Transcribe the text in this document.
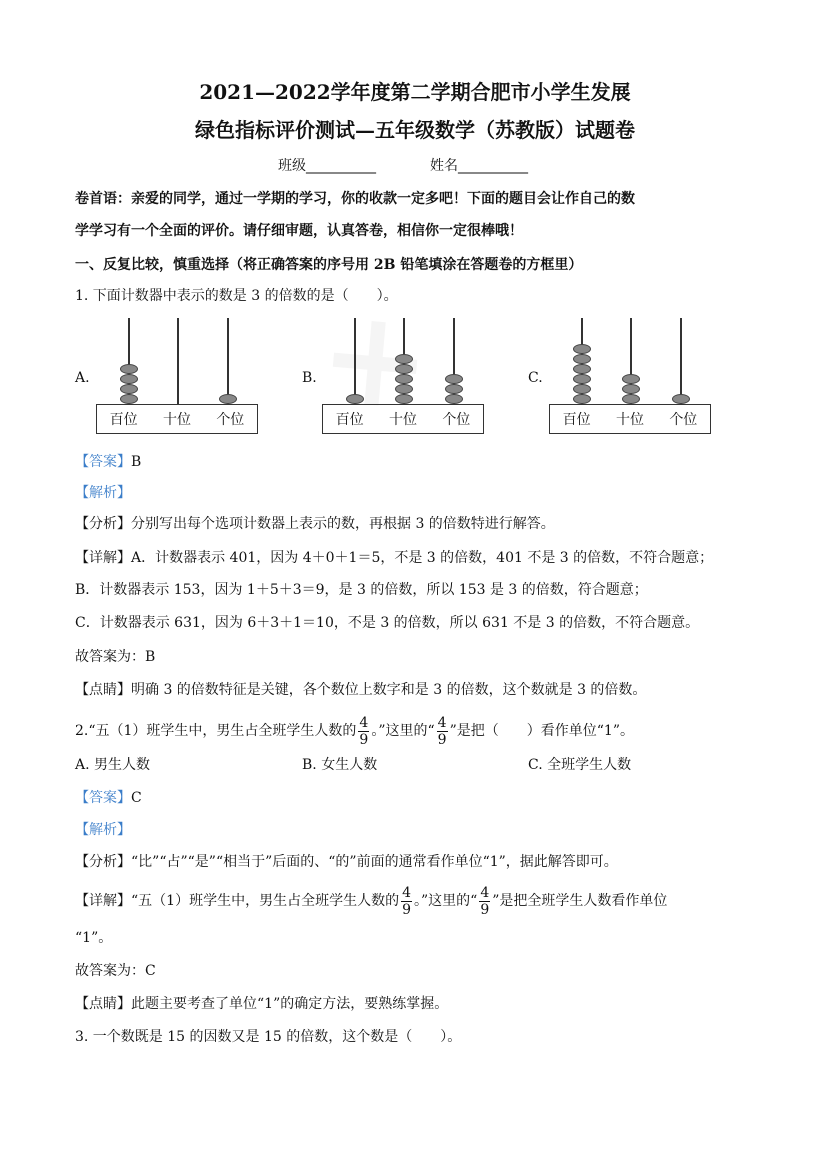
2021—2022学年度第二学期合肥市小学生发展
绿色指标评价测试—五年级数学（苏教版）试题卷
班级__________	姓名__________
卷首语：亲爱的同学，通过一学期的学习，你的收款一定多吧！下面的题目会让作自己的数
学学习有一个全面的评价。请仔细审题，认真答卷，相信你一定很棒哦！
一、反复比较，慎重选择（将正确答案的序号用 2B 铅笔填涂在答题卷的方框里）
1. 下面计数器中表示的数是 3 的倍数的是（　　）。
A.	B.	C.
百位 十位 个位	百位 十位 个位	百位 十位 个位
【答案】B
【解析】
【分析】分别写出每个选项计数器上表示的数，再根据 3 的倍数特进行解答。
【详解】A．计数器表示 401，因为 4＋0＋1＝5，不是 3 的倍数，401 不是 3 的倍数，不符合题意；
B．计数器表示 153，因为 1＋5＋3＝9，是 3 的倍数，所以 153 是 3 的倍数，符合题意；
C．计数器表示 631，因为 6＋3＋1＝10，不是 3 的倍数，所以 631 不是 3 的倍数，不符合题意。
故答案为：B
【点睛】明确 3 的倍数特征是关键，各个数位上数字和是 3 的倍数，这个数就是 3 的倍数。
2.“五（1）班学生中，男生占全班学生人数的 $\frac{4}{9}$ 。”这里的“ $\frac{4}{9}$ ”是把（　　）看作单位“1”。
A. 男生人数	B. 女生人数	C. 全班学生人数
【答案】C
【解析】
【分析】“比”“占”“是”“相当于”后面的、“的”前面的通常看作单位“1”，据此解答即可。
【详解】“五（1）班学生中，男生占全班学生人数的 $\frac{4}{9}$ 。”这里的“ $\frac{4}{9}$ ”是把全班学生人数看作单位
“1”。
故答案为：C
【点睛】此题主要考查了单位“1”的确定方法，要熟练掌握。
3. 一个数既是 15 的因数又是 15 的倍数，这个数是（　　）。
